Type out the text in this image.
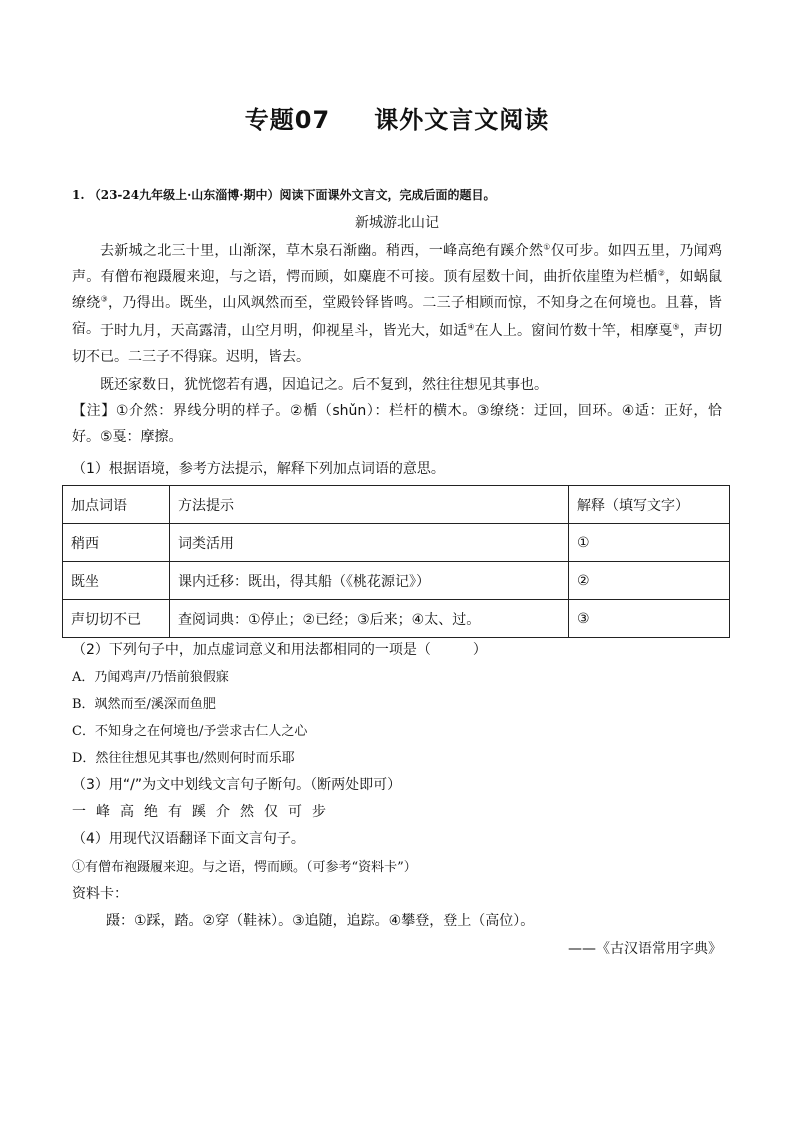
专题07 课外文言文阅读
1. （23-24九年级上·山东淄博·期中）阅读下面课外文言文，完成后面的题目。
新城游北山记
去新城之北三十里，山渐深，草木泉石渐幽。稍西，一峰高绝有蹊介然①仅可步。如四五里，乃闻鸡声。有僧布袍蹑履来迎，与之语，愕而顾，如麋鹿不可接。顶有屋数十间，曲折依崖堕为栏楯②，如蜗鼠缭绕③，乃得出。既坐，山风飒然而至，堂殿铃铎皆鸣。二三子相顾而惊，不知身之在何境也。且暮，皆宿。 于时九月，天高露清，山空月明，仰视星斗，皆光大，如适④在人上。窗间竹数十竿，相摩戛⑤，声切切不已。二三子不得寐。迟明，皆去。
既还家数日，犹恍惚若有遇，因追记之。后不复到，然往往想见其事也。
【注】①介然：界线分明的样子。②楯（shǔn）：栏杆的横木。③缭绕：迂回，回环。④适：正好，恰好。⑤戛：摩擦。
（1）根据语境，参考方法提示，解释下列加点词语的意思。
加点词语	方法提示	解释（填写文字）
稍西	词类活用	①
既坐	课内迁移：既出，得其船（《桃花源记》）	②
声切切不已	查阅词典：①停止；②已经；③后来；④太、过。	③
（2）下列句子中，加点虚词意义和用法都相同的一项是（　　　）
A．乃闻鸡声/乃悟前狼假寐
B．飒然而至/溪深而鱼肥
C．不知身之在何境也/予尝求古仁人之心
D．然往往想见其事也/然则何时而乐耶
（3）用“/”为文中划线文言句子断句。（断两处即可）
一峰高绝有蹊介然仅可步
（4）用现代汉语翻译下面文言句子。
①有僧布袍蹑履来迎。与之语，愕而顾。（可参考“资料卡”）
资料卡：
蹑：①踩，踏。②穿（鞋袜）。③追随，追踪。④攀登，登上（高位）。
——《古汉语常用字典》
